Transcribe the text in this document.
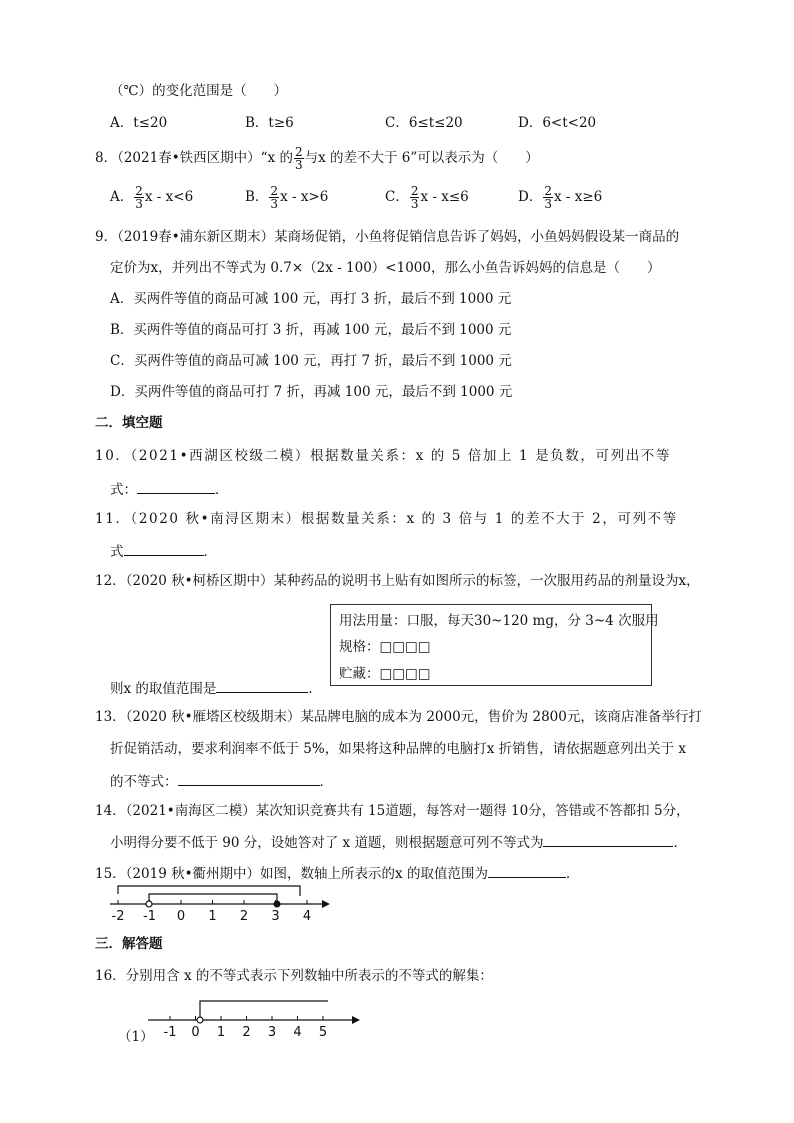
（℃）的变化范围是（　　）
A．t≤20	B．t≥6	C．6≤t≤20	D．6<t<20
8．（2021春•铁西区期中）“x 的 $\frac{2}{3}$ 与x 的差不大于 6”可以表示为（　　）
A． $\frac{2}{3}$ x - x<6	B． $\frac{2}{3}$ x - x>6	C． $\frac{2}{3}$ x - x≤6	D． $\frac{2}{3}$ x - x≥6
9．（2019春•浦东新区期末）某商场促销，小鱼将促销信息告诉了妈妈，小鱼妈妈假设某一商品的
定价为x，并列出不等式为 0.7×（2x - 100）<1000，那么小鱼告诉妈妈的信息是（　　）
A．买两件等值的商品可减 100 元，再打 3 折，最后不到 1000 元
B．买两件等值的商品可打 3 折，再减 100 元，最后不到 1000 元
C．买两件等值的商品可减 100 元，再打 7 折，最后不到 1000 元
D．买两件等值的商品可打 7 折，再减 100 元，最后不到 1000 元
二．填空题
10．（2021•西湖区校级二模）根据数量关系：x 的 5 倍加上 1 是负数，可列出不等
式：	．
11．（2020 秋•南浔区期末）根据数量关系：x 的 3 倍与 1 的差不大于 2，可列不等
式	．
12．（2020 秋•柯桥区期中）某种药品的说明书上贴有如图所示的标签，一次服用药品的剂量设为x，
用法用量：口服，每天30~120 mg，分 3~4 次服用
规格：□□□□
贮藏：□□□□
则x 的取值范围是	．
13．（2020 秋•雁塔区校级期末）某品牌电脑的成本为 2000元，售价为 2800元，该商店准备举行打
折促销活动，要求利润率不低于 5%，如果将这种品牌的电脑打x 折销售，请依据题意列出关于 x
的不等式：	．
14．（2021•南海区二模）某次知识竞赛共有 15道题，每答对一题得 10分，答错或不答都扣 5分，
小明得分要不低于 90 分，设她答对了 x 道题，则根据题意可列不等式为	．
15．（2019 秋•衢州期中）如图，数轴上所表示的x 的取值范围为	．
-2 -1 0 1 2 3 4
三．解答题
16．分别用含 x 的不等式表示下列数轴中所表示的不等式的解集：
（1） -1 0 1 2 3 4 5
